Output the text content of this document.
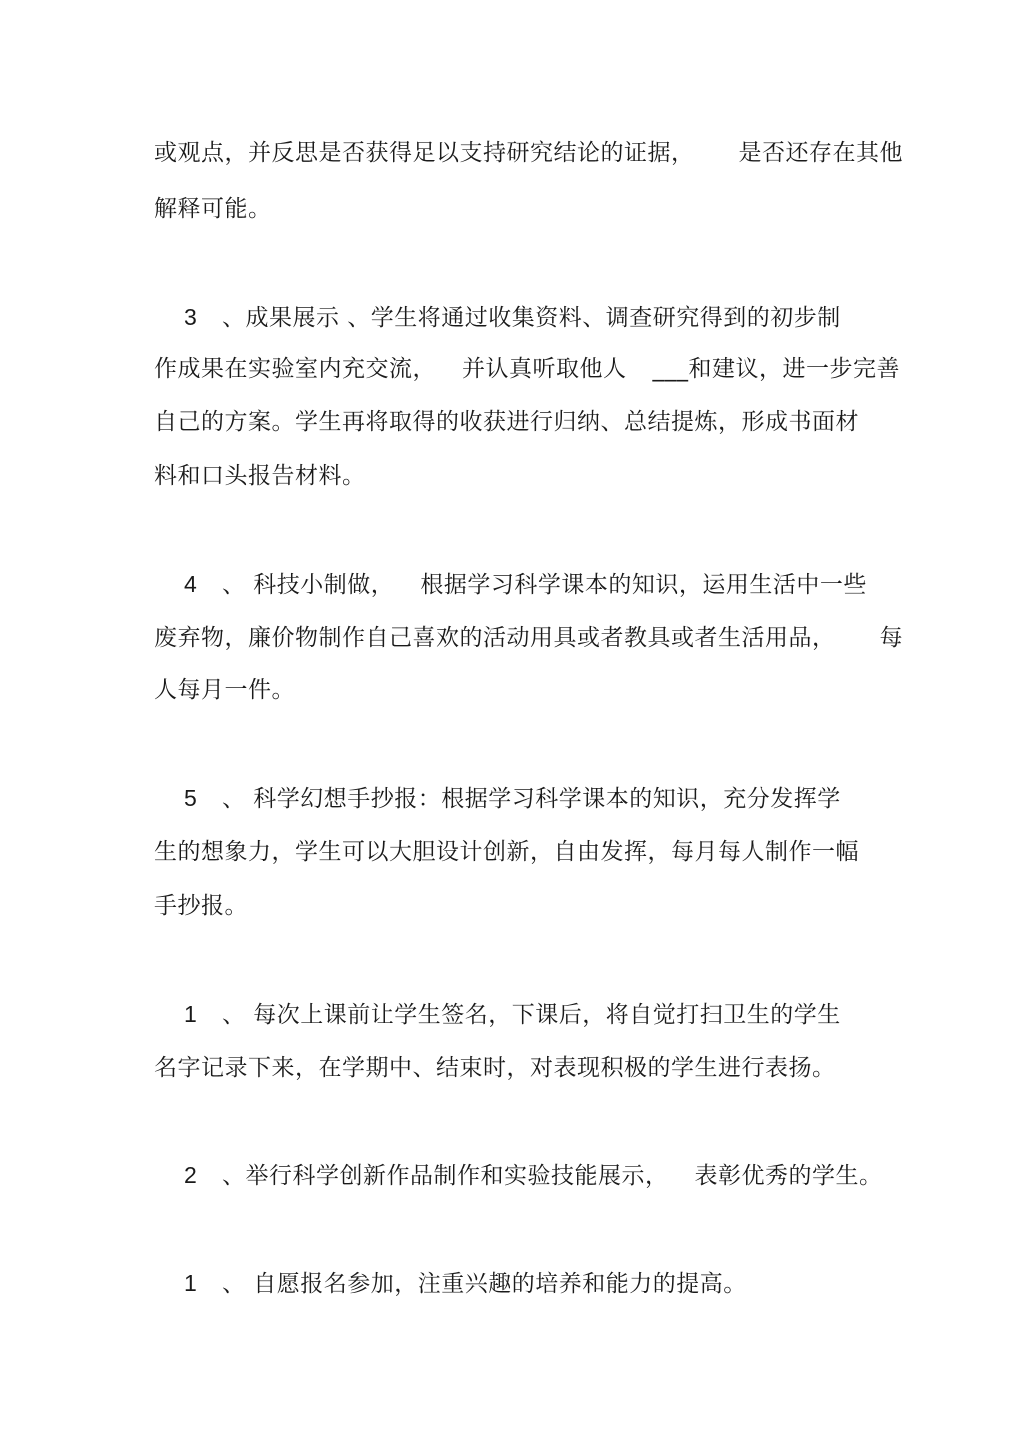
或观点，并反思是否获得足以支持研究结论的证据， 是否还存在其他
解释可能。
3 、成果展示 、学生将通过收集资料、调查研究得到的初步制
作成果在实验室内充交流， 并认真听取他人 ___和建议，进一步完善
自己的方案。学生再将取得的收获进行归纳、总结提炼，形成书面材
料和口头报告材料。
4 、 科技小制做， 根据学习科学课本的知识，运用生活中一些
废弃物，廉价物制作自己喜欢的活动用具或者教具或者生活用品， 每
人每月一件。
5 、 科学幻想手抄报：根据学习科学课本的知识，充分发挥学
生的想象力，学生可以大胆设计创新，自由发挥，每月每人制作一幅
手抄报。
1 、 每次上课前让学生签名，下课后，将自觉打扫卫生的学生
名字记录下来，在学期中、结束时，对表现积极的学生进行表扬。
2 、举行科学创新作品制作和实验技能展示， 表彰优秀的学生。
1 、 自愿报名参加，注重兴趣的培养和能力的提高。
